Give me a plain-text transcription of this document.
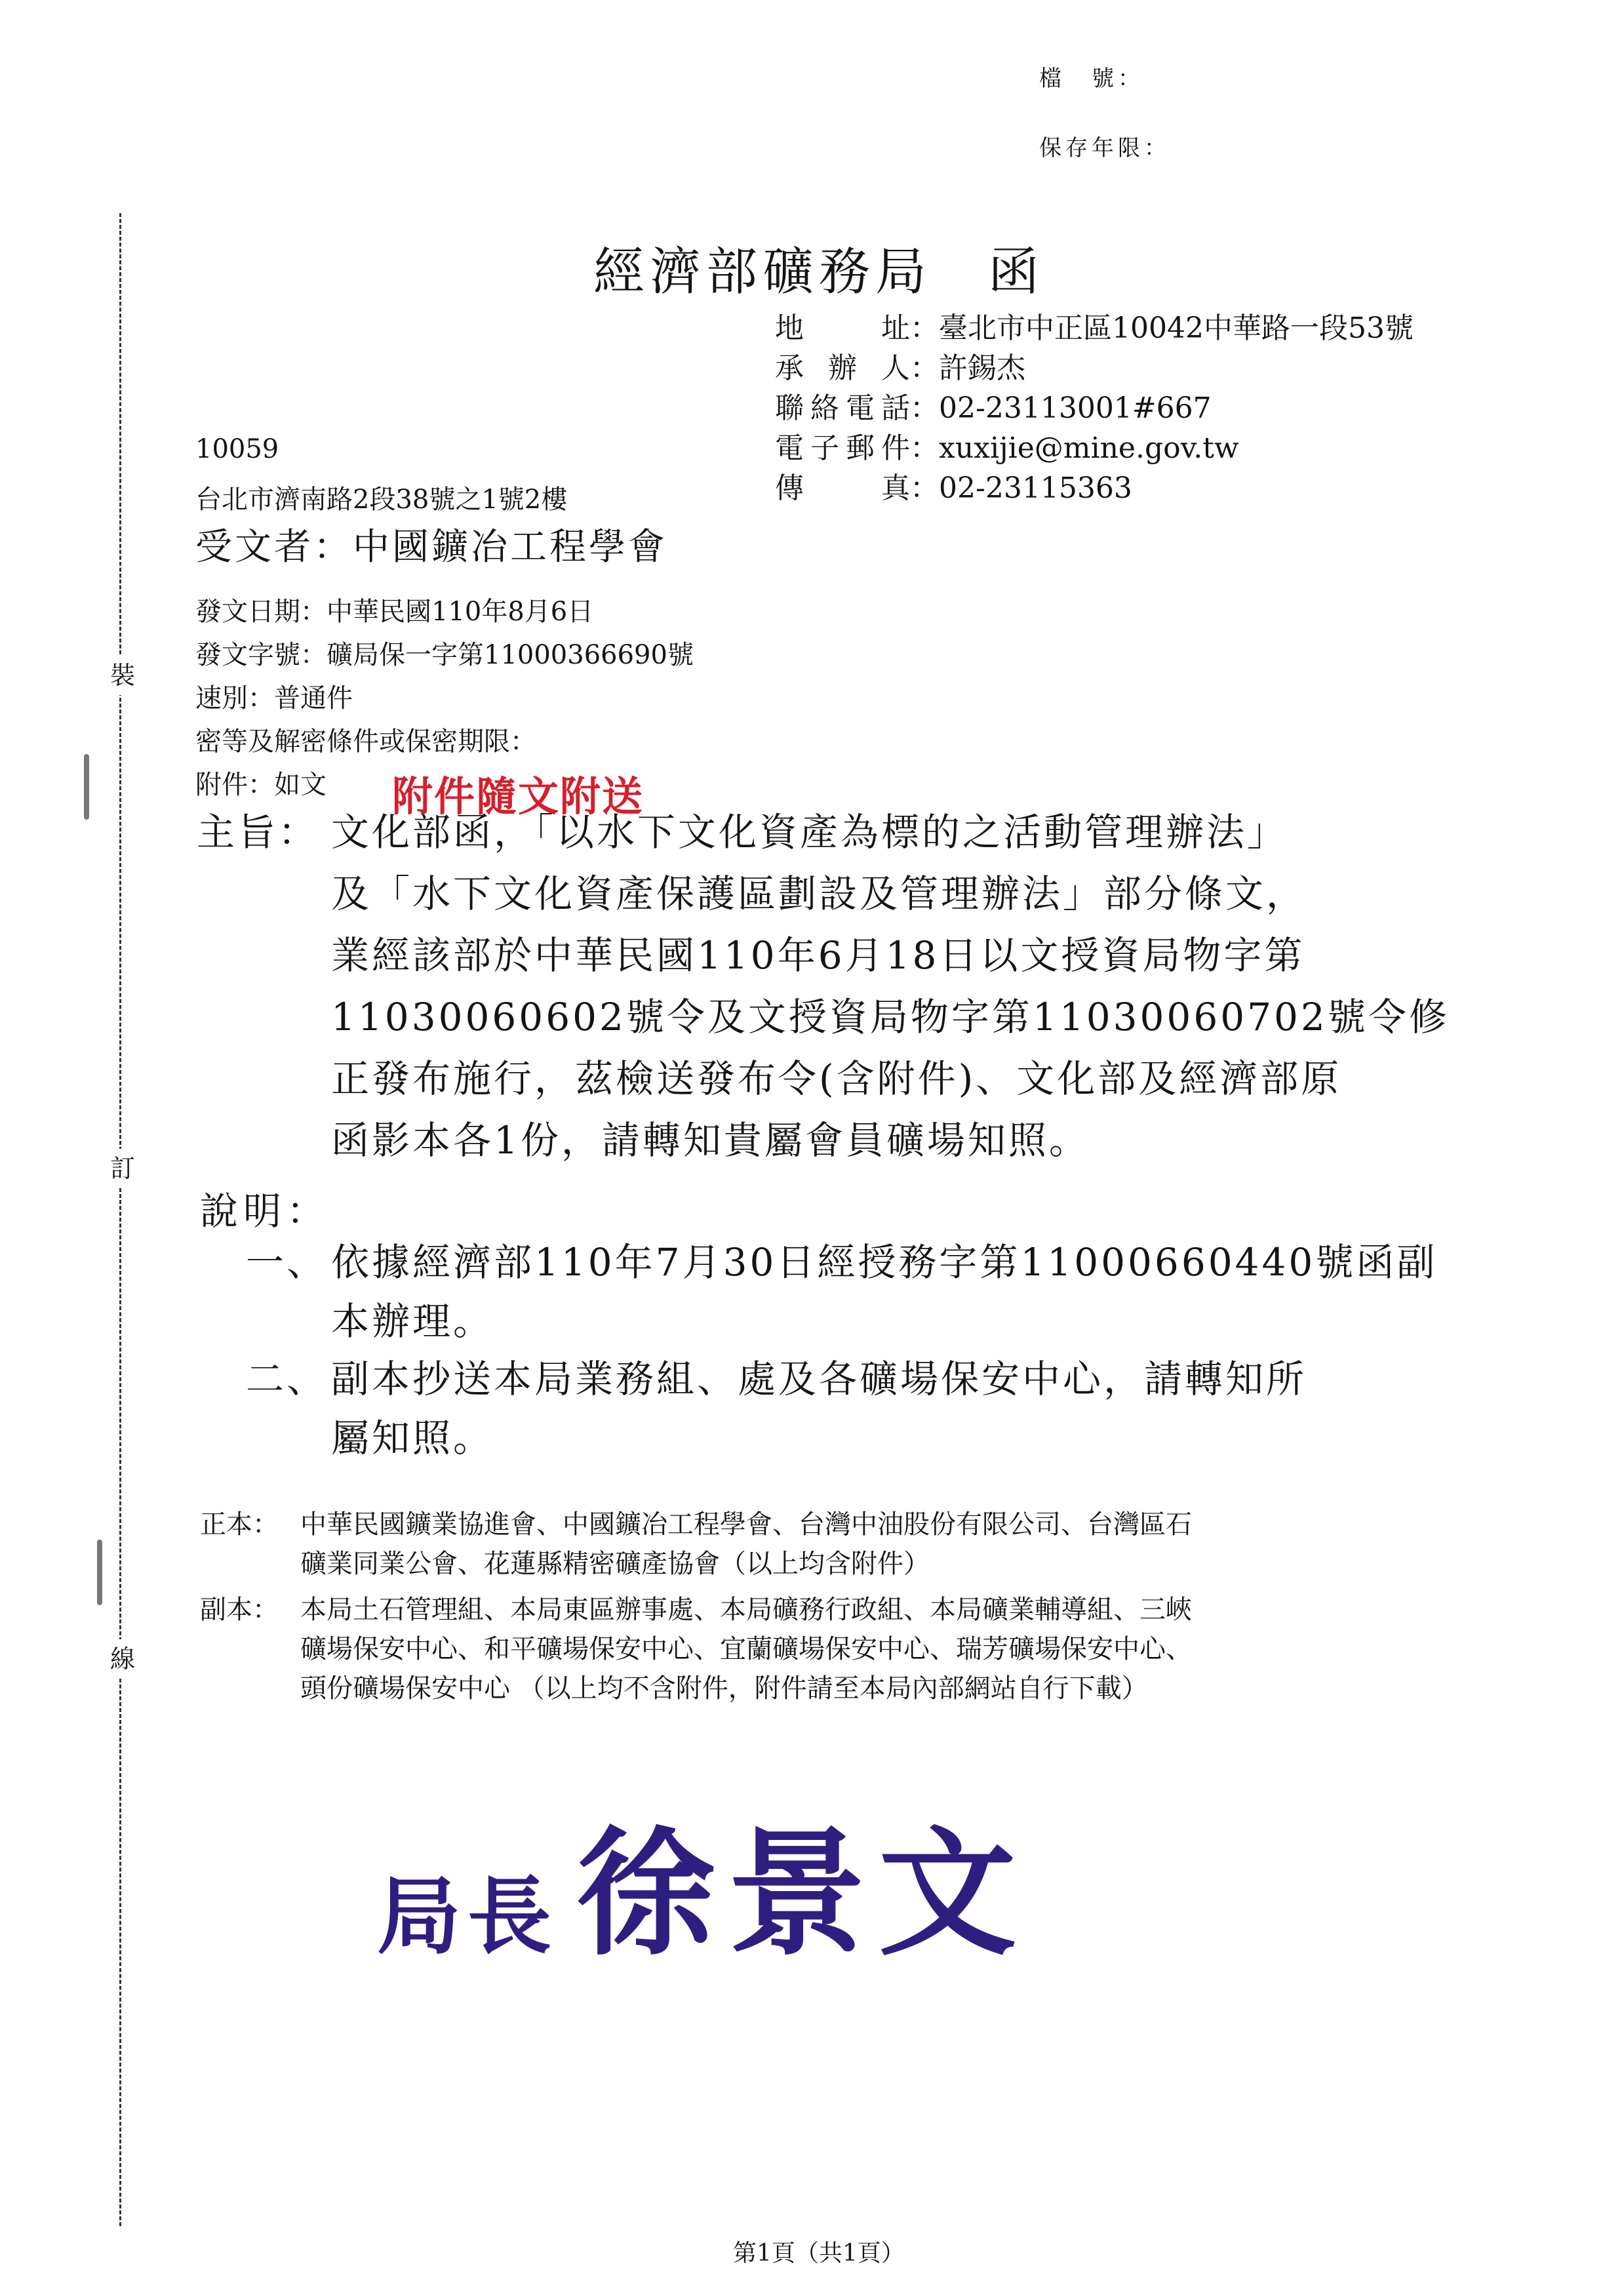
裝
訂
線
檔　號：
保存年限：
經濟部礦務局　函
地　址 ： 臺北市中正區10042中華路一段53號
承辦人 ： 許錫杰
聯絡電話 ： 02-23113001#667
電子郵件 ： xuxijie@mine.gov.tw
傳　真 ： 02-23115363
10059
台北市濟南路2段38號之1號2樓
受文者：中國鑛冶工程學會
發文日期：中華民國110年8月6日
發文字號：礦局保一字第11000366690號
速別：普通件
密等及解密條件或保密期限：
附件：如文	附件隨文附送
主旨： 文化部函，「以水下文化資產為標的之活動管理辦法」
及「水下文化資產保護區劃設及管理辦法」部分條文，
業經該部於中華民國110年6月18日以文授資局物字第
11030060602號令及文授資局物字第11030060702號令修
正發布施行，茲檢送發布令(含附件)、文化部及經濟部原
函影本各1份，請轉知貴屬會員礦場知照。
說明：
一、 依據經濟部110年7月30日經授務字第11000660440號函副
本辦理。
二、 副本抄送本局業務組、處及各礦場保安中心，請轉知所
屬知照。
正本： 中華民國鑛業協進會、中國鑛冶工程學會、台灣中油股份有限公司、台灣區石
礦業同業公會、花蓮縣精密礦產協會（以上均含附件）
副本： 本局土石管理組、本局東區辦事處、本局礦務行政組、本局礦業輔導組、三峽
礦場保安中心、和平礦場保安中心、宜蘭礦場保安中心、瑞芳礦場保安中心、
頭份礦場保安中心 （以上均不含附件，附件請至本局內部網站自行下載）
局長 徐景文
第1頁（共1頁）
